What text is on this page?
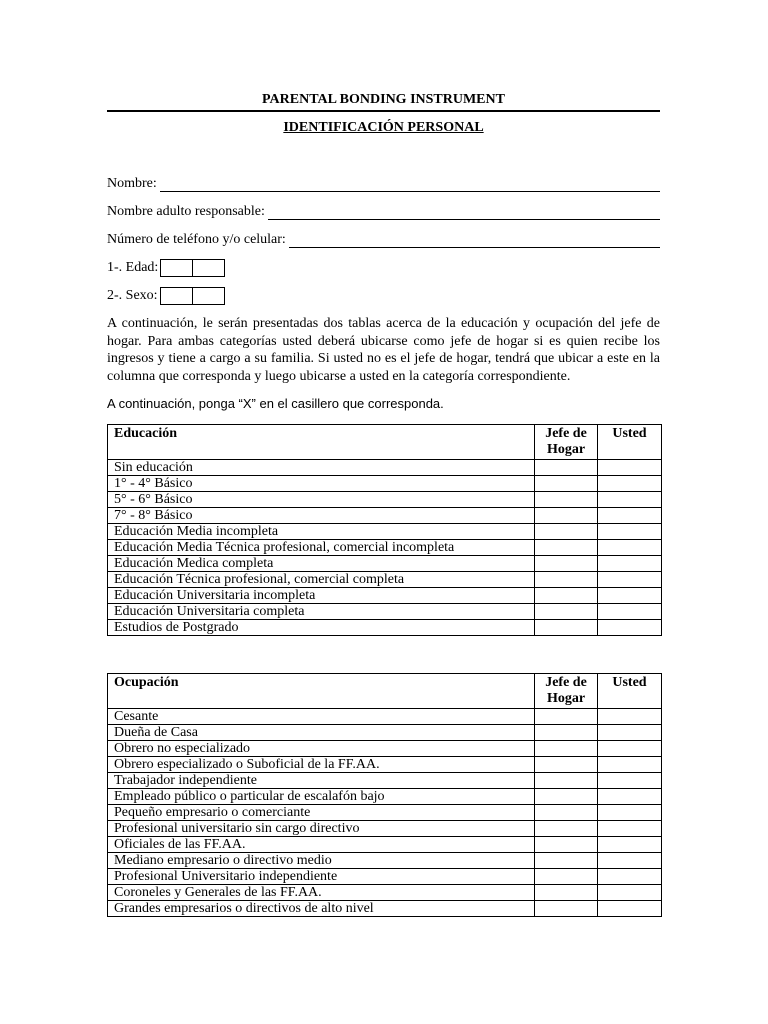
PARENTAL BONDING INSTRUMENT
IDENTIFICACIÓN PERSONAL
Nombre:
Nombre adulto responsable:
Número de teléfono y/o celular:
1-. Edad:
2-. Sexo:
A continuación, le serán presentadas dos tablas acerca de la educación y ocupación del jefe de hogar. Para ambas categorías usted deberá ubicarse como jefe de hogar si es quien recibe los ingresos y tiene a cargo a su familia. Si usted no es el jefe de hogar, tendrá que ubicar a este en la columna que corresponda y luego ubicarse a usted en la categoría correspondiente.
A continuación, ponga “X” en el casillero que corresponda.
Educación	Jefe de Hogar	Usted
Sin educación		
1° - 4° Básico		
5° - 6° Básico		
7° - 8° Básico		
Educación Media incompleta		
Educación Media Técnica profesional, comercial incompleta		
Educación Medica completa		
Educación Técnica profesional, comercial completa		
Educación Universitaria incompleta		
Educación Universitaria completa		
Estudios de Postgrado		
Ocupación	Jefe de Hogar	Usted
Cesante		
Dueña de Casa		
Obrero no especializado		
Obrero especializado o Suboficial de la FF.AA.		
Trabajador independiente		
Empleado público o particular de escalafón bajo		
Pequeño empresario o comerciante		
Profesional universitario sin cargo directivo		
Oficiales de las FF.AA.		
Mediano empresario o directivo medio		
Profesional Universitario independiente		
Coroneles y Generales de las FF.AA.		
Grandes empresarios o directivos de alto nivel		
